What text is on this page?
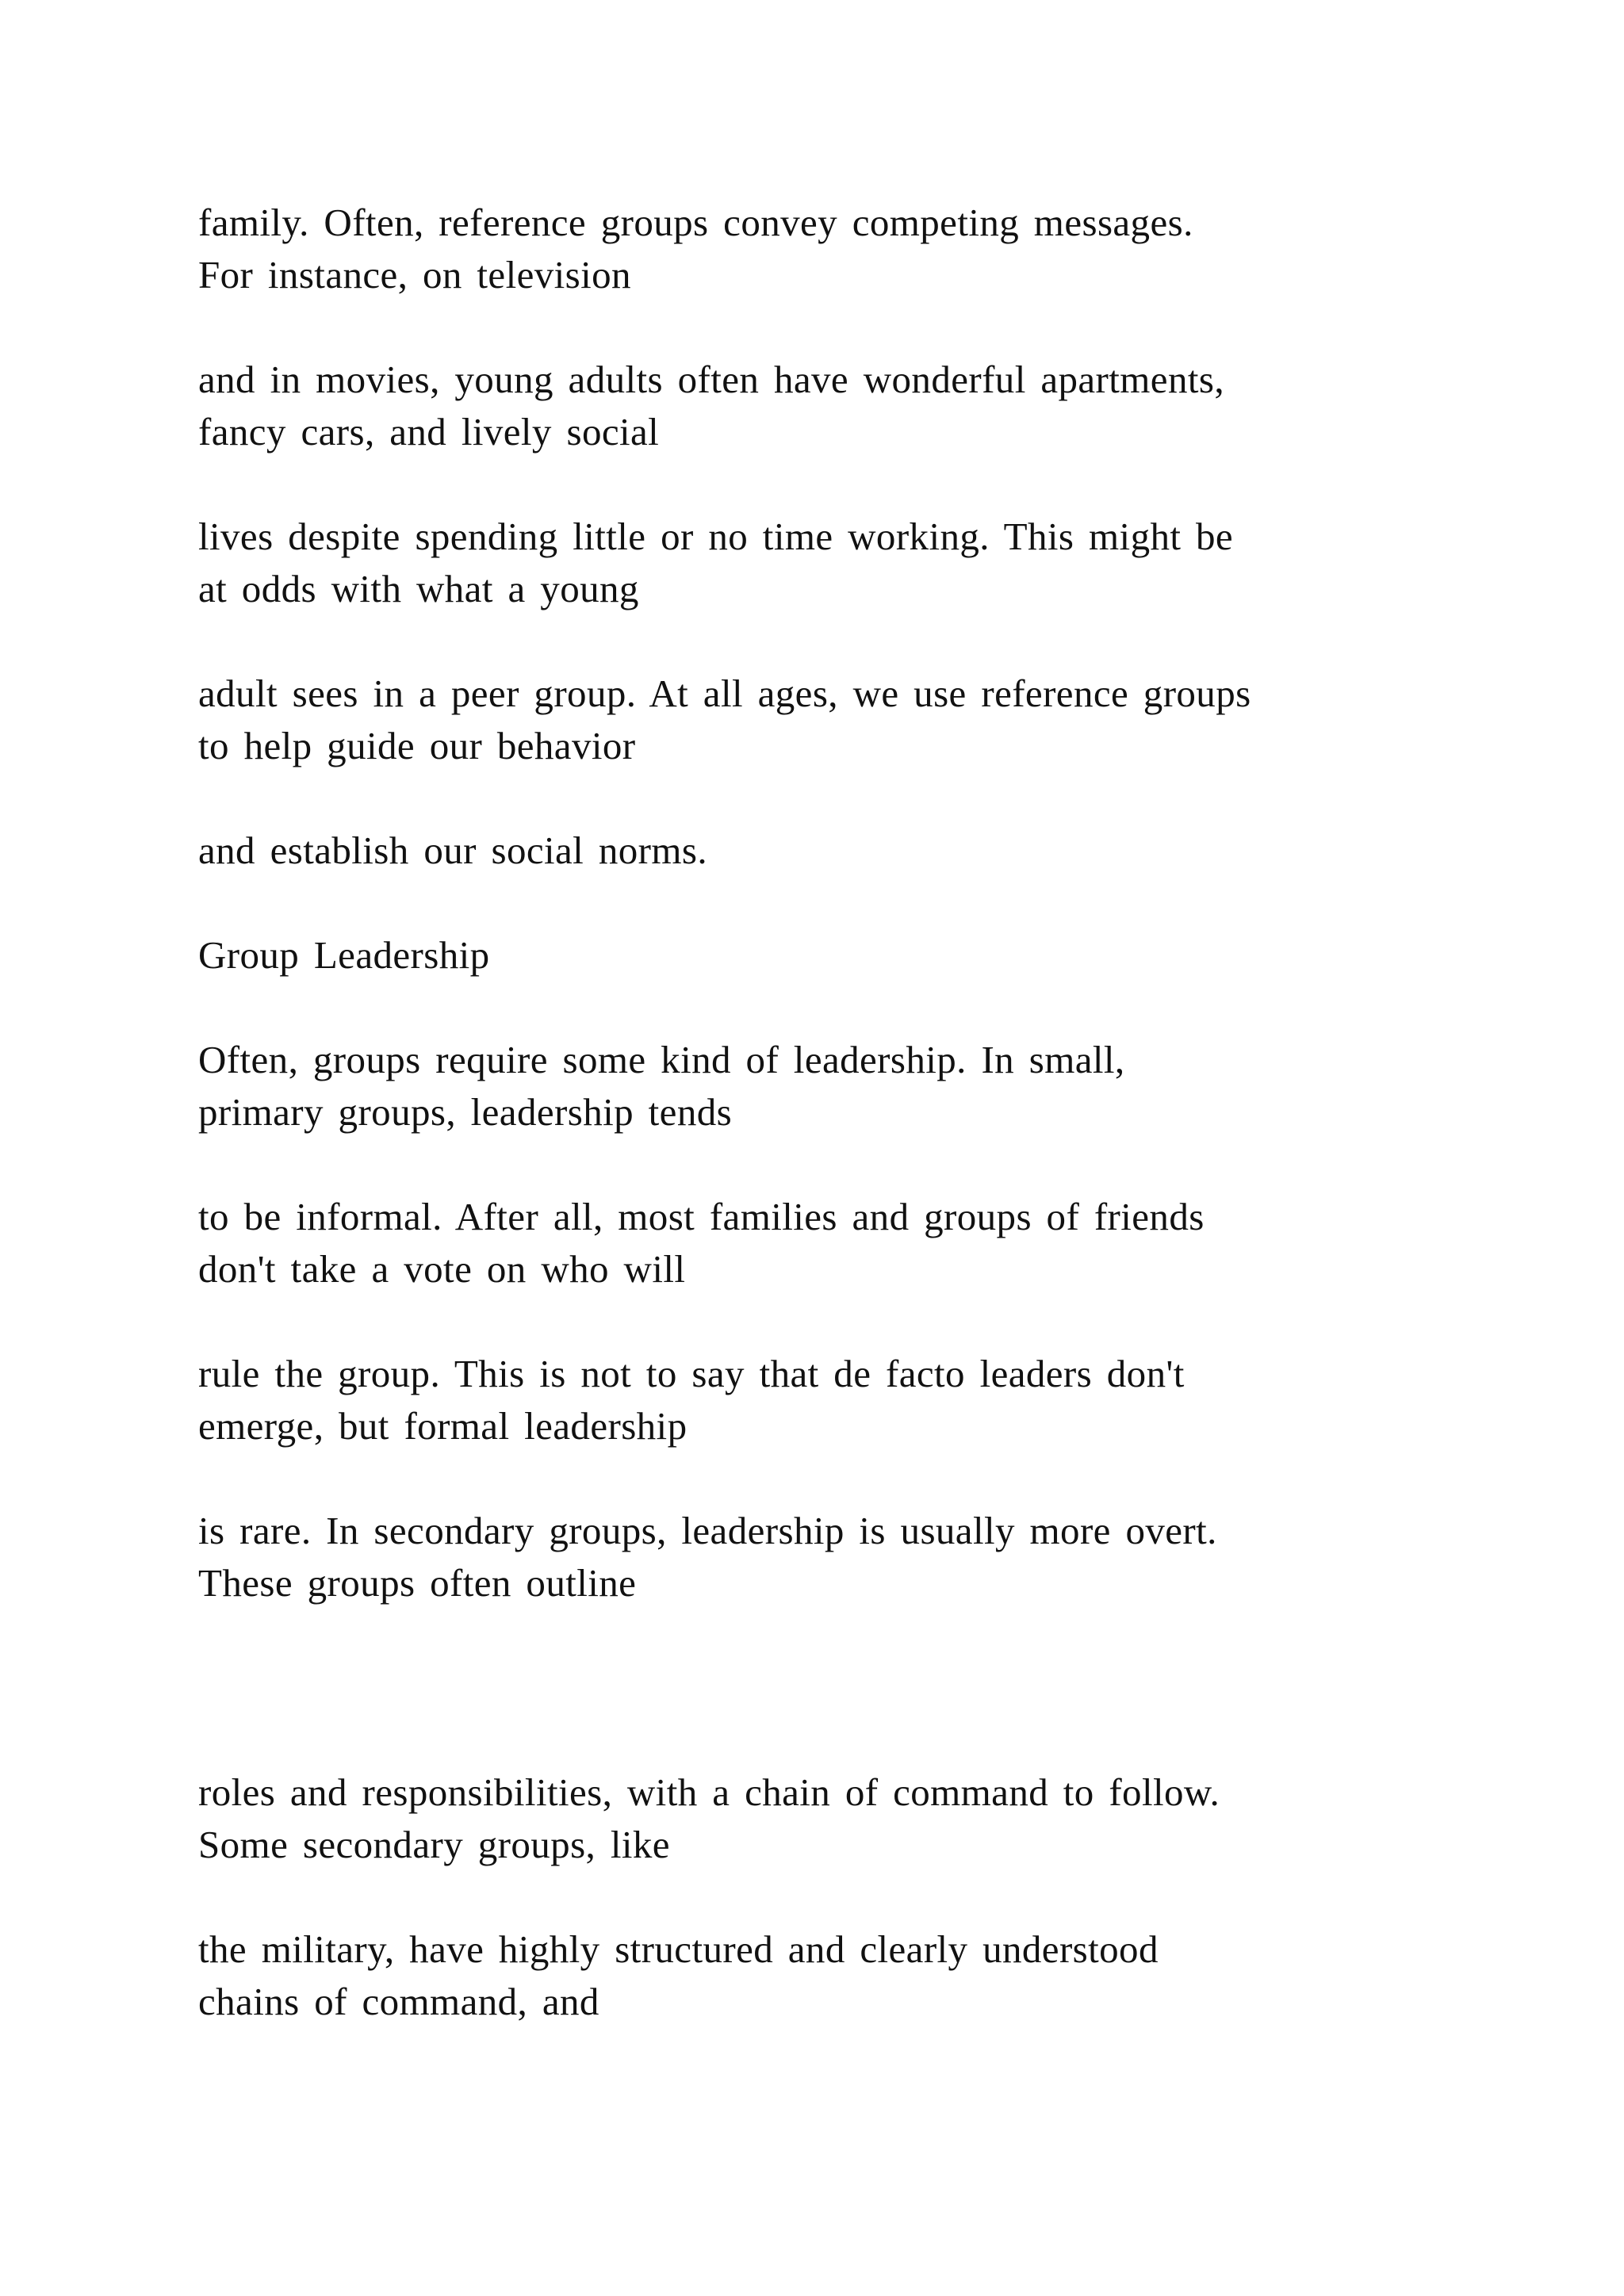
family. Often, reference groups convey competing messages.
For instance, on television
and in movies, young adults often have wonderful apartments,
fancy cars, and lively social
lives despite spending little or no time working. This might be
at odds with what a young
adult sees in a peer group. At all ages, we use reference groups
to help guide our behavior
and establish our social norms.
Group Leadership
Often, groups require some kind of leadership. In small,
primary groups, leadership tends
to be informal. After all, most families and groups of friends
don't take a vote on who will
rule the group. This is not to say that de facto leaders don't
emerge, but formal leadership
is rare. In secondary groups, leadership is usually more overt.
These groups often outline
roles and responsibilities, with a chain of command to follow.
Some secondary groups, like
the military, have highly structured and clearly understood
chains of command, and
